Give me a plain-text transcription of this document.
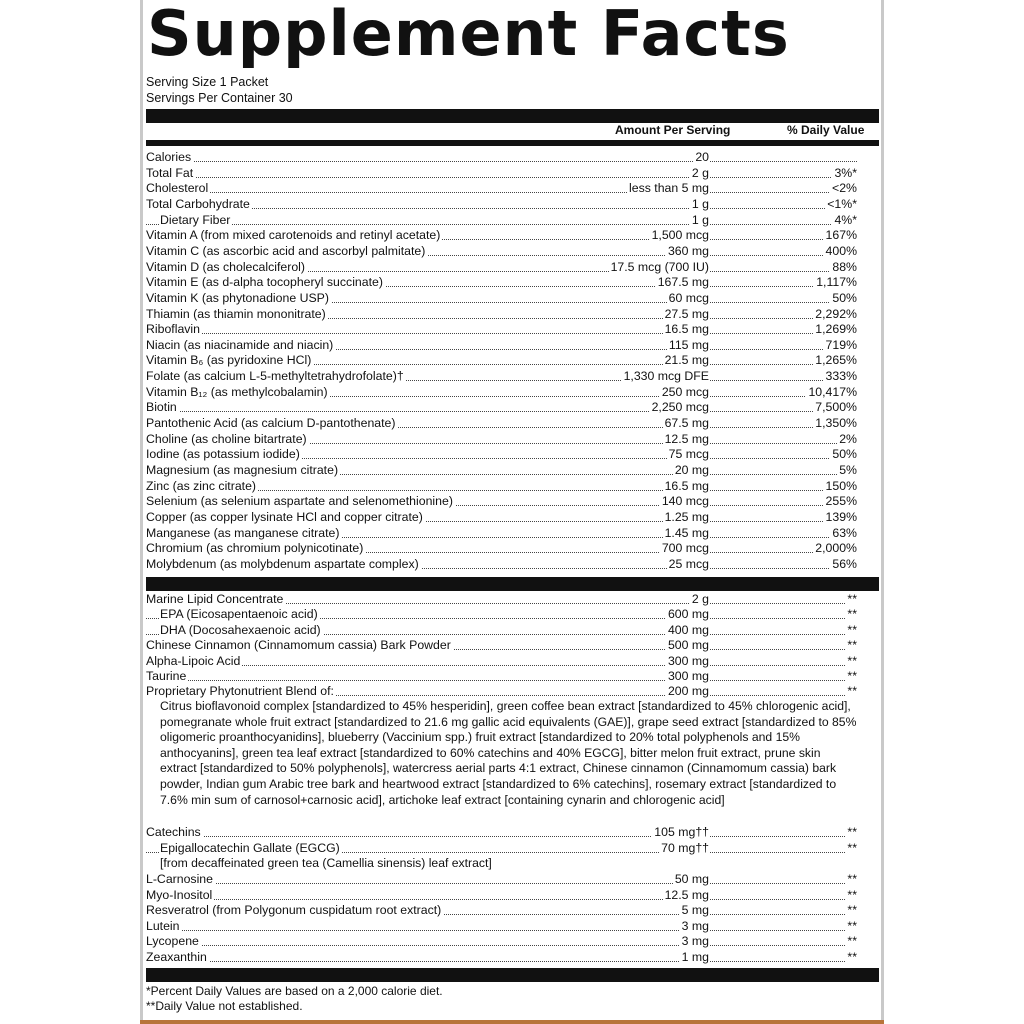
Supplement Facts
Serving Size 1 Packet
Servings Per Container 30
Amount Per Serving	% Daily Value
Calories	20
Total Fat	2 g	3%*
Cholesterol	less than 5 mg	<2%
Total Carbohydrate	1 g	<1%*
Dietary Fiber	1 g	4%*
Vitamin A (from mixed carotenoids and retinyl acetate)	1,500 mcg	167%
Vitamin C (as ascorbic acid and ascorbyl palmitate)	360 mg	400%
Vitamin D (as cholecalciferol)	17.5 mcg (700 IU)	88%
Vitamin E (as d-alpha tocopheryl succinate)	167.5 mg	1,117%
Vitamin K (as phytonadione USP)	60 mcg	50%
Thiamin (as thiamin mononitrate)	27.5 mg	2,292%
Riboflavin	16.5 mg	1,269%
Niacin (as niacinamide and niacin)	115 mg	719%
Vitamin B₆ (as pyridoxine HCl)	21.5 mg	1,265%
Folate (as calcium L-5-methyltetrahydrofolate)†	1,330 mcg DFE	333%
Vitamin B₁₂ (as methylcobalamin)	250 mcg	10,417%
Biotin	2,250 mcg	7,500%
Pantothenic Acid (as calcium D-pantothenate)	67.5 mg	1,350%
Choline (as choline bitartrate)	12.5 mg	2%
Iodine (as potassium iodide)	75 mcg	50%
Magnesium (as magnesium citrate)	20 mg	5%
Zinc (as zinc citrate)	16.5 mg	150%
Selenium (as selenium aspartate and selenomethionine)	140 mcg	255%
Copper (as copper lysinate HCl and copper citrate)	1.25 mg	139%
Manganese (as manganese citrate)	1.45 mg	63%
Chromium (as chromium polynicotinate)	700 mcg	2,000%
Molybdenum (as molybdenum aspartate complex)	25 mcg	56%
Marine Lipid Concentrate	2 g	**
EPA (Eicosapentaenoic acid)	600 mg	**
DHA (Docosahexaenoic acid)	400 mg	**
Chinese Cinnamon (Cinnamomum cassia) Bark Powder	500 mg	**
Alpha-Lipoic Acid	300 mg	**
Taurine	300 mg	**
Proprietary Phytonutrient Blend of:	200 mg	**
Citrus bioflavonoid complex [standardized to 45% hesperidin], green coffee bean extract [standardized to 45% chlorogenic acid], pomegranate whole fruit extract [standardized to 21.6 mg gallic acid equivalents (GAE)], grape seed extract [standardized to 85% oligomeric proanthocyanidins], blueberry (Vaccinium spp.) fruit extract [standardized to 20% total polyphenols and 15% anthocyanins], green tea leaf extract [standardized to 60% catechins and 40% EGCG], bitter melon fruit extract, prune skin extract [standardized to 50% polyphenols], watercress aerial parts 4:1 extract, Chinese cinnamon (Cinnamomum cassia) bark powder, Indian gum Arabic tree bark and heartwood extract [standardized to 6% catechins], rosemary extract [standardized to 7.6% min sum of carnosol+carnosic acid], artichoke leaf extract [containing cynarin and chlorogenic acid]
Catechins	105 mg††	**
Epigallocatechin Gallate (EGCG)	70 mg††	**
[from decaffeinated green tea (Camellia sinensis) leaf extract]
L-Carnosine	50 mg	**
Myo-Inositol	12.5 mg	**
Resveratrol (from Polygonum cuspidatum root extract)	5 mg	**
Lutein	3 mg	**
Lycopene	3 mg	**
Zeaxanthin	1 mg	**
*Percent Daily Values are based on a 2,000 calorie diet.
**Daily Value not established.
